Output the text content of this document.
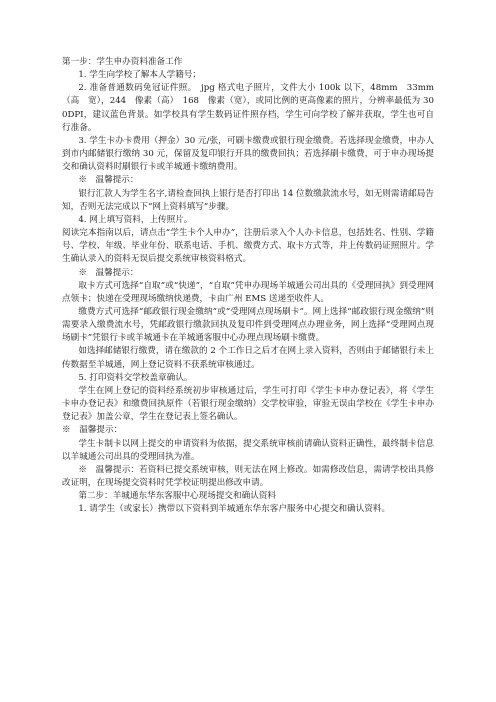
第一步：学生申办资料准备工作

1. 学生向学校了解本人学籍号；

2. 准备普通数码免冠证件照。　jpg 格式电子照片，文件大小 100k 以下，48mm　33mm（高　宽），244　像素（高）　168　像素（宽），或同比例的更高像素的照片，分辨率最低为 300DPI，建议蓝色背景。如学校具有学生数码证件照存档，学生可向学校了解并获取，学生也可自行准备。

3. 学生卡办卡费用（押金）30 元/张，可刷卡缴费或银行现金缴费。若选择现金缴费，申办人到市内邮储银行缴纳 30 元，保留及复印银行开具的缴费回执；若选择刷卡缴费，可于申办现场提交和确认资料时刷银行卡或羊城通卡缴纳费用。

※　温馨提示：

银行汇款人为学生名字,请检查回执上银行是否打印出 14 位数缴款流水号，如无则需请邮局告知，否则无法完成以下“网上资料填写”步骤。

4. 网上填写资料，上传照片。

阅读完本指南以后，请点击“学生卡个人申办”，注册后录入个人办卡信息，包括姓名、性别、学籍号、学校、年级、毕业年份、联系电话、手机、缴费方式、取卡方式等，并上传数码证照照片。学生确认录入的资料无误后提交系统审核资料格式。

※　温馨提示：

取卡方式可选择“自取”或“快递”，“自取”凭申办现场羊城通公司出具的《受理回执》到受理网点领卡；快递在受理现场缴纳快递费，卡由广州 EMS 送递至收件人。

缴费方式可选择“邮政银行现金缴纳”或“受理网点现场刷卡”。网上选择“邮政银行现金缴纳”则需要录入缴费流水号，凭邮政银行缴款回执及复印件到受理网点办理业务，网上选择“受理网点现场刷卡”凭银行卡或羊城通卡在羊城通客服中心办理点现场刷卡缴费。

如选择邮储银行缴费，请在缴款的 2 个工作日之后才在网上录入资料，否则由于邮储银行未上传数据至羊城通，网上登记资料不获系统审核通过。

5. 打印资料交学校盖章确认。

学生在网上登记的资料经系统初步审核通过后，学生可打印《学生卡申办登记表》，将《学生卡申办登记表》和缴费回执原件（若银行现金缴纳）交学校审验，审验无误由学校在《学生卡申办登记表》加盖公章，学生在登记表上签名确认。

※　温馨提示：

学生卡制卡以网上提交的申请资料为依据，提交系统审核前请确认资料正确性，最终制卡信息以羊城通公司出具的受理回执为准。

※　温馨提示：若资料已提交系统审核，则无法在网上修改。如需修改信息，需请学校出具修改证明，在现场提交资料时凭学校证明提出修改申请。

第二步：羊城通东华东客服中心现场提交和确认资料

1. 请学生（或家长）携带以下资料到羊城通东华东客户服务中心提交和确认资料。
